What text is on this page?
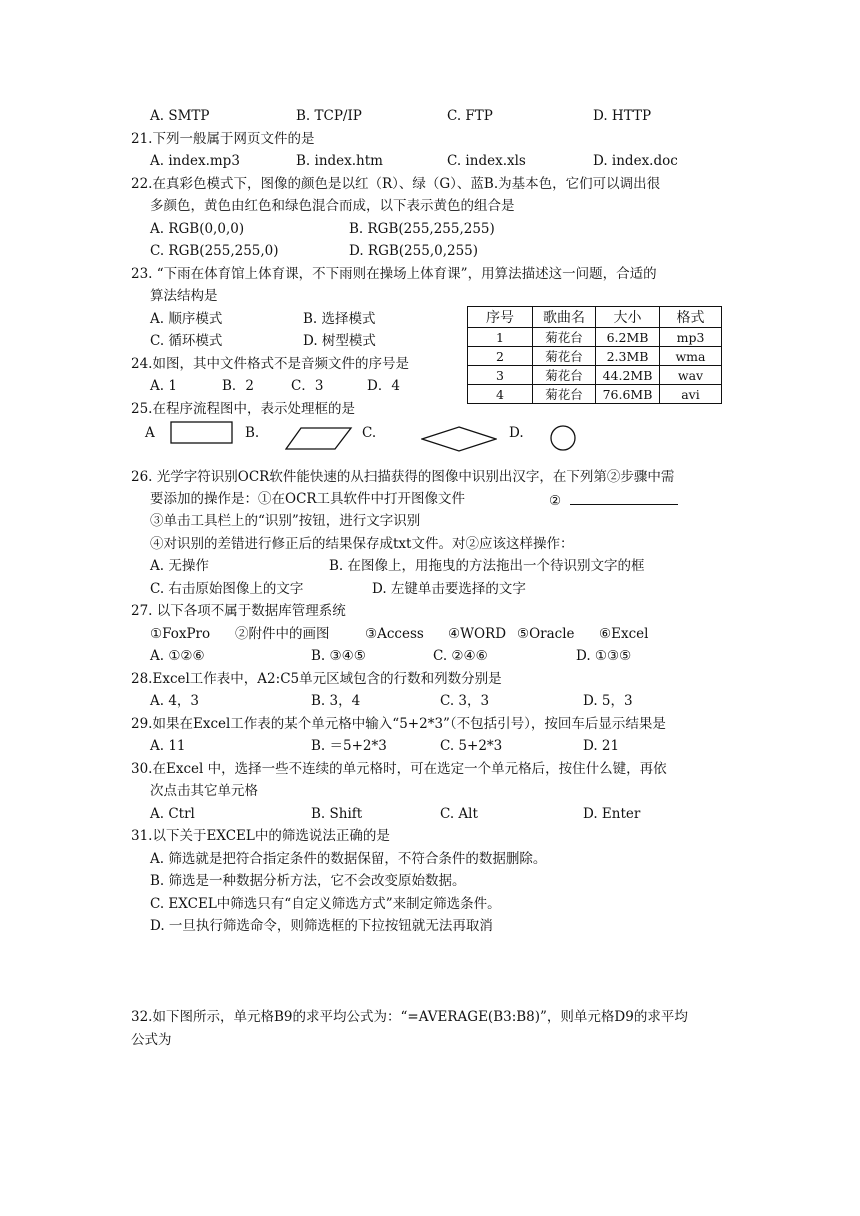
A. SMTP	B. TCP/IP	C. FTP	D. HTTP
21.下列一般属于网页文件的是
A. index.mp3	B. index.htm	C. index.xls	D. index.doc
22.在真彩色模式下，图像的颜色是以红（R）、绿（G）、蓝B.为基本色，它们可以调出很
多颜色，黄色由红色和绿色混合而成，以下表示黄色的组合是
A. RGB(0,0,0)	B. RGB(255,255,255)
C. RGB(255,255,0)	D. RGB(255,0,255)
23. “下雨在体育馆上体育课，不下雨则在操场上体育课”，用算法描述这一问题，合适的
算法结构是
A. 顺序模式	B. 选择模式
C. 循环模式	D. 树型模式
序号	歌曲名	大小	格式
1	菊花台	6.2MB	mp3
2	菊花台	2.3MB	wma
3	菊花台	44.2MB	wav
4	菊花台	76.6MB	avi
24.如图，其中文件格式不是音频文件的序号是
A. 1	B．2	C．3	D．4
25.在程序流程图中，表示处理框的是
A	B.	C.	D.
26. 光学字符识别OCR软件能快速的从扫描获得的图像中识别出汉字，在下列第②步骤中需
要添加的操作是：①在OCR工具软件中打开图像文件	②
③单击工具栏上的“识别”按钮，进行文字识别
④对识别的差错进行修正后的结果保存成txt文件。对②应该这样操作：
A. 无操作	B. 在图像上，用拖曳的方法拖出一个待识别文字的框
C. 右击原始图像上的文字	D. 左键单击要选择的文字
27. 以下各项不属于数据库管理系统
①FoxPro ②附件中的画图	③Access ④WORD ⑤Oracle ⑥Excel
A. ①②⑥	B. ③④⑤	C. ②④⑥	D. ①③⑤
28.Excel工作表中，A2:C5单元区域包含的行数和列数分别是
A. 4，3	B. 3，4	C. 3，3	D. 5，3
29.如果在Excel工作表的某个单元格中输入“5+2*3”（不包括引号），按回车后显示结果是
A. 11	B. ＝5+2*3	C. 5+2*3	D. 21
30.在Excel 中，选择一些不连续的单元格时，可在选定一个单元格后，按住什么键，再依
次点击其它单元格
A. Ctrl	B. Shift	C. Alt	D. Enter
31.以下关于EXCEL中的筛选说法正确的是
A. 筛选就是把符合指定条件的数据保留，不符合条件的数据删除。
B. 筛选是一种数据分析方法，它不会改变原始数据。
C. EXCEL中筛选只有“自定义筛选方式”来制定筛选条件。
D. 一旦执行筛选命令，则筛选框的下拉按钮就无法再取消
32.如下图所示，单元格B9的求平均公式为：“=AVERAGE(B3:B8)”，则单元格D9的求平均
公式为
